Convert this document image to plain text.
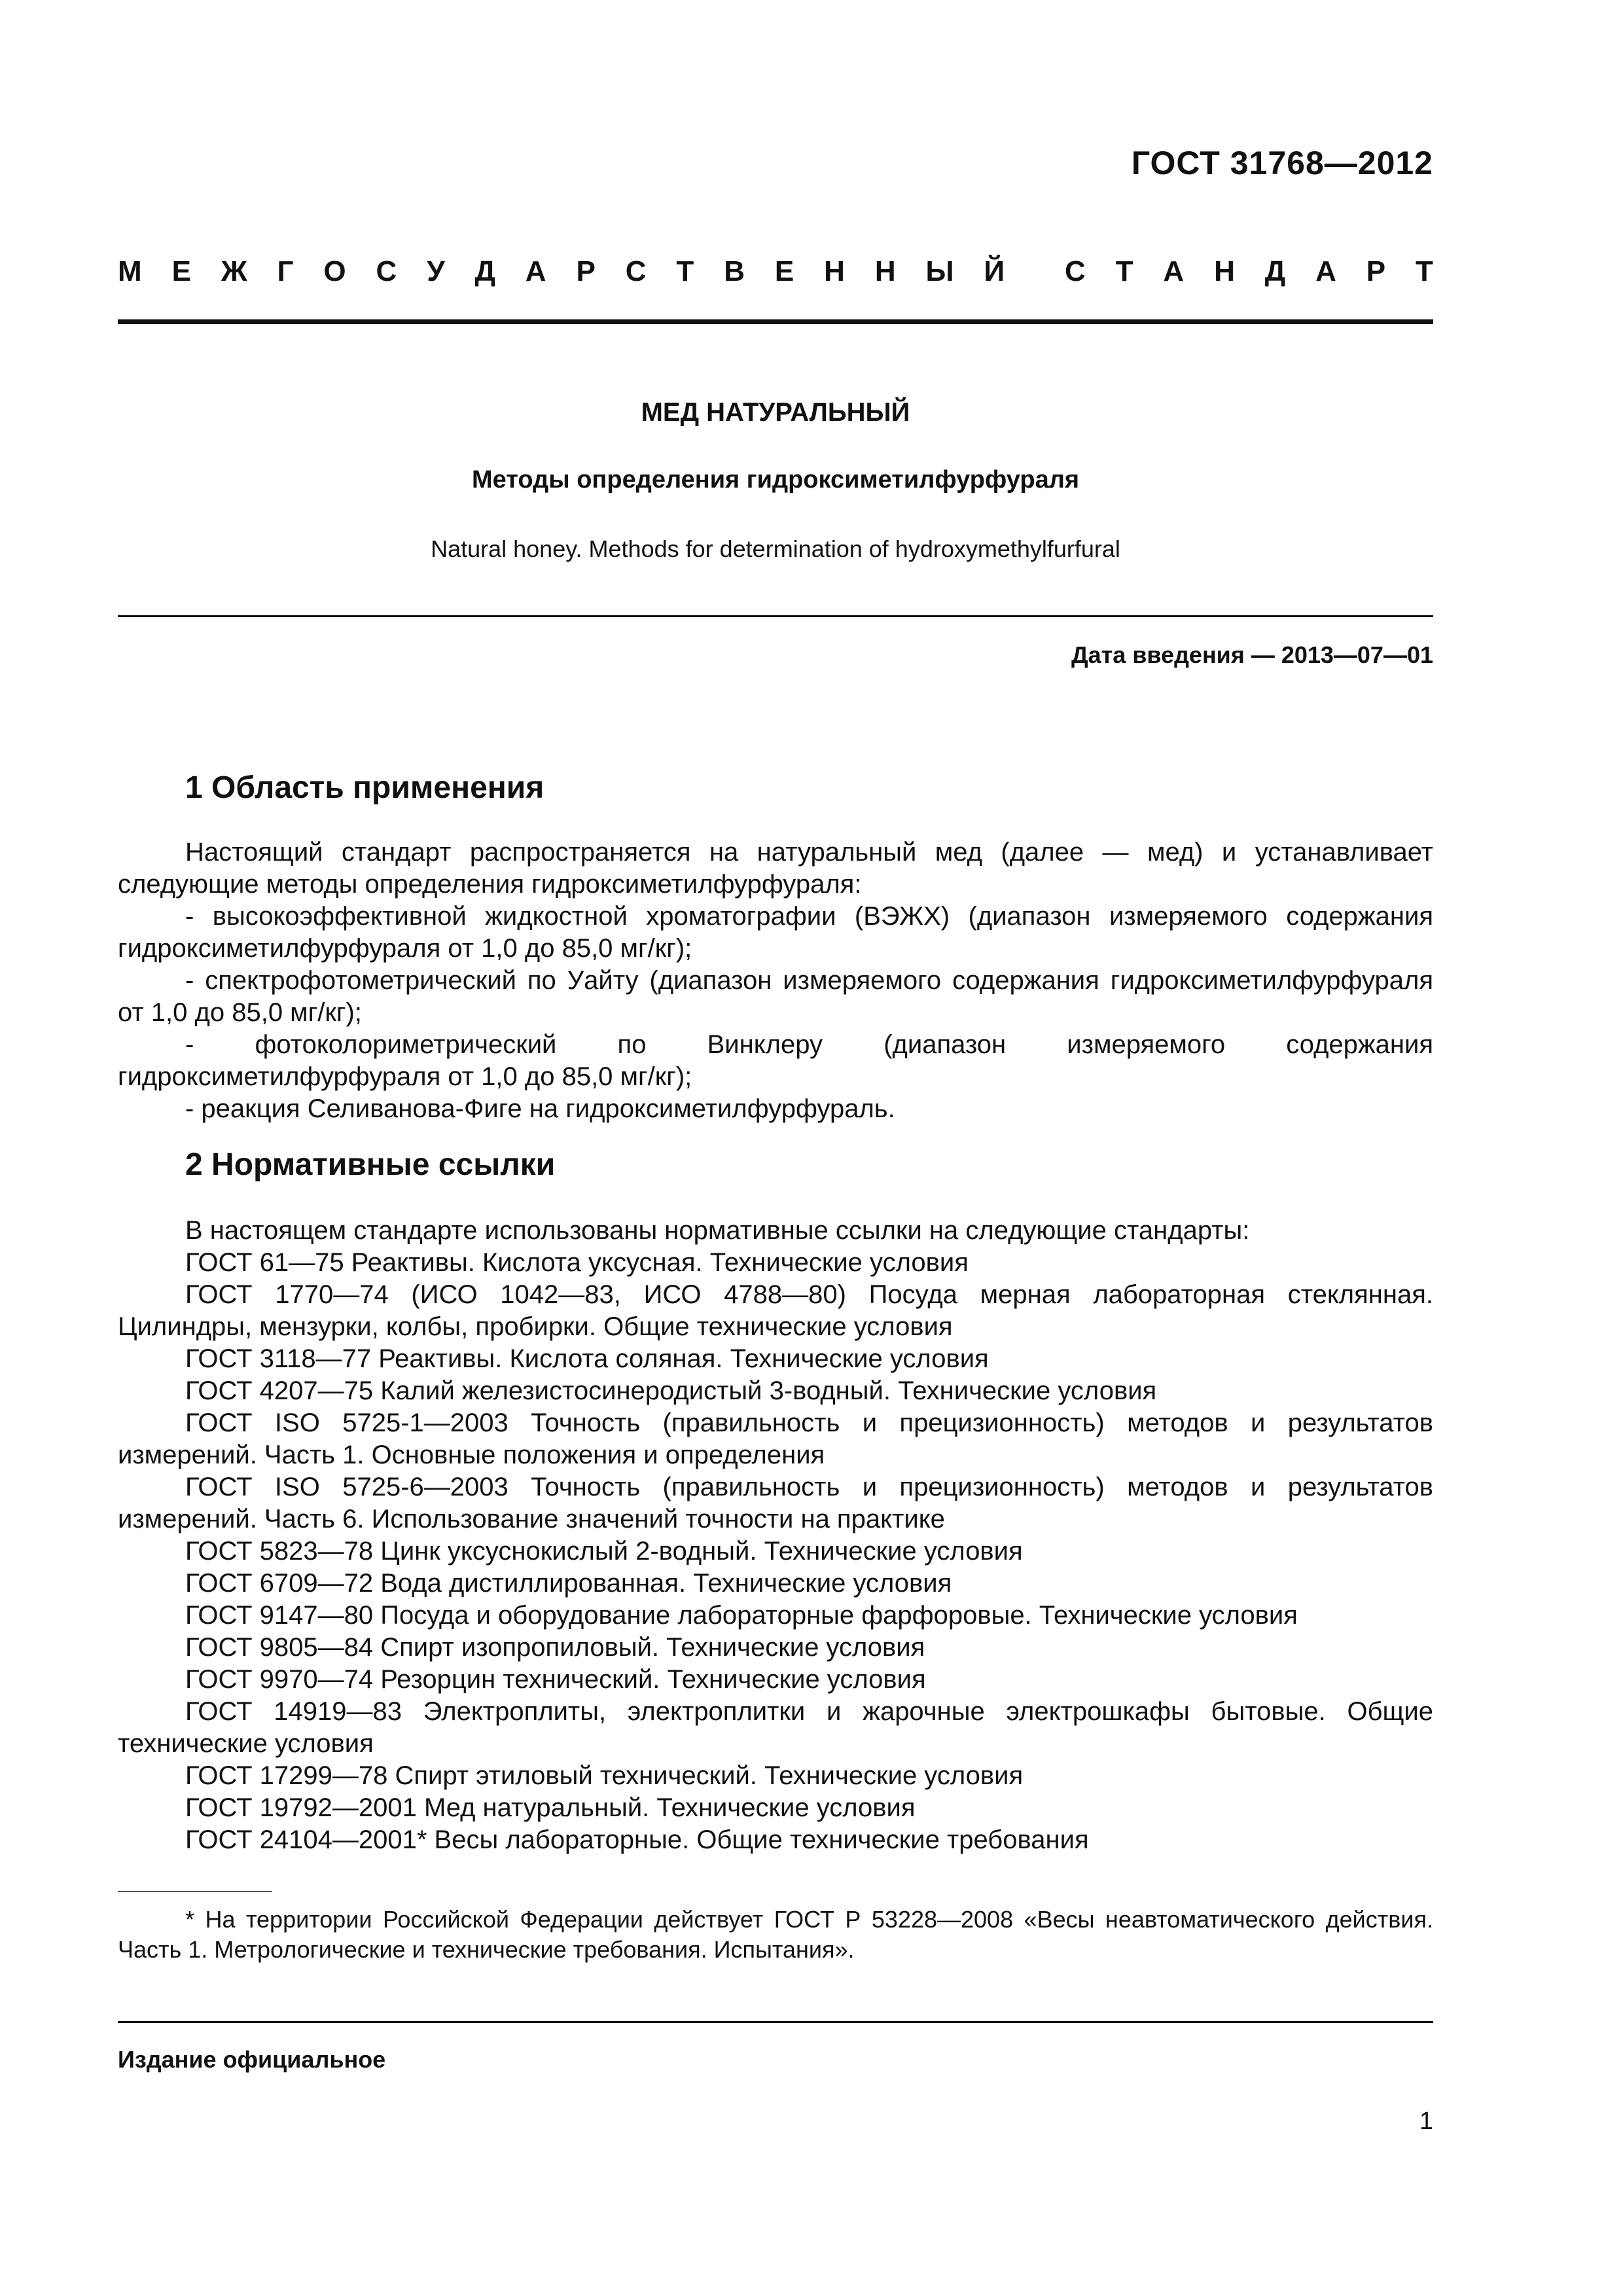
ГОСТ 31768—2012
М Е Ж Г О С У Д А Р С Т В Е Н Н Ы Й С Т А Н Д А Р Т
МЕД НАТУРАЛЬНЫЙ
Методы определения гидроксиметилфурфураля
Natural honey. Methods for determination of hydroxymethylfurfural
Дата введения — 2013—07—01
1 Область применения

Настоящий стандарт распространяется на натуральный мед (далее — мед) и устанавливает следующие методы определения гидроксиметилфурфураля:

- высокоэффективной жидкостной хроматографии (ВЭЖХ) (диапазон измеряемого содержания гидроксиметилфурфураля от 1,0 до 85,0 мг/кг);

- спектрофотометрический по Уайту (диапазон измеряемого содержания гидроксиметилфурфураля от 1,0 до 85,0 мг/кг);

- фотоколориметрический по Винклеру (диапазон измеряемого содержания гидроксиметилфурфураля от 1,0 до 85,0 мг/кг);

- реакция Селиванова-Фиге на гидроксиметилфурфураль.

2 Нормативные ссылки

В настоящем стандарте использованы нормативные ссылки на следующие стандарты:

ГОСТ 61—75 Реактивы. Кислота уксусная. Технические условия

ГОСТ 1770—74 (ИСО 1042—83, ИСО 4788—80) Посуда мерная лабораторная стеклянная. Цилиндры, мензурки, колбы, пробирки. Общие технические условия

ГОСТ 3118—77 Реактивы. Кислота соляная. Технические условия

ГОСТ 4207—75 Калий железистосинеродистый 3-водный. Технические условия

ГОСТ ISO 5725-1—2003 Точность (правильность и прецизионность) методов и результатов измерений. Часть 1. Основные положения и определения

ГОСТ ISO 5725-6—2003 Точность (правильность и прецизионность) методов и результатов измерений. Часть 6. Использование значений точности на практике

ГОСТ 5823—78 Цинк уксуснокислый 2-водный. Технические условия

ГОСТ 6709—72 Вода дистиллированная. Технические условия

ГОСТ 9147—80 Посуда и оборудование лабораторные фарфоровые. Технические условия

ГОСТ 9805—84 Спирт изопропиловый. Технические условия

ГОСТ 9970—74 Резорцин технический. Технические условия

ГОСТ 14919—83 Электроплиты, электроплитки и жарочные электрошкафы бытовые. Общие технические условия

ГОСТ 17299—78 Спирт этиловый технический. Технические условия

ГОСТ 19792—2001 Мед натуральный. Технические условия

ГОСТ 24104—2001* Весы лабораторные. Общие технические требования

* На территории Российской Федерации действует ГОСТ Р 53228—2008 «Весы неавтоматического действия. Часть 1. Метрологические и технические требования. Испытания».

Издание официальное
1
